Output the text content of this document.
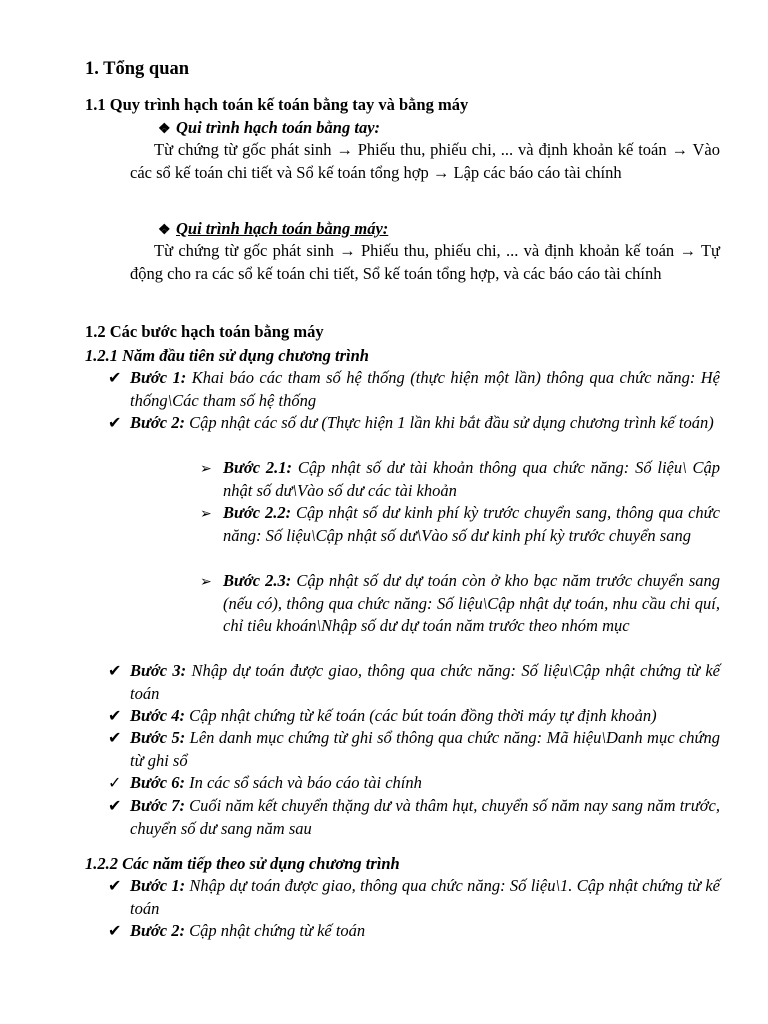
1. Tổng quan
1.1 Quy trình hạch toán kế toán bằng tay và bằng máy
❖ Qui trình hạch toán bằng tay:
Từ chứng từ gốc phát sinh → Phiếu thu, phiếu chi, ... và định khoản kế toán → Vào các sổ kế toán chi tiết và Sổ kế toán tổng hợp → Lập các báo cáo tài chính
❖ Qui trình hạch toán bằng máy:
Từ chứng từ gốc phát sinh → Phiếu thu, phiếu chi, ... và định khoản kế toán → Tự động cho ra các sổ kế toán chi tiết, Sổ kế toán tổng hợp, và các báo cáo tài chính
1.2 Các bước hạch toán bằng máy
1.2.1 Năm đầu tiên sử dụng chương trình
✔ Bước 1: Khai báo các tham số hệ thống (thực hiện một lần) thông qua chức năng: Hệ thống\Các tham số hệ thống
✔ Bước 2: Cập nhật các số dư (Thực hiện 1 lần khi bắt đầu sử dụng chương trình kế toán)
➢ Bước 2.1: Cập nhật số dư tài khoản thông qua chức năng: Số liệu\ Cập nhật số dư\Vào số dư các tài khoản
➢ Bước 2.2: Cập nhật số dư kinh phí kỳ trước chuyển sang, thông qua chức năng: Số liệu\Cập nhật số dư\Vào số dư kinh phí kỳ trước chuyển sang
➢ Bước 2.3: Cập nhật số dư dự toán còn ở kho bạc năm trước chuyển sang (nếu có), thông qua chức năng: Số liệu\Cập nhật dự toán, nhu cầu chi quí, chỉ tiêu khoán\Nhập số dư dự toán năm trước theo nhóm mục
✔ Bước 3: Nhập dự toán được giao, thông qua chức năng: Số liệu\Cập nhật chứng từ kế toán
✔ Bước 4: Cập nhật chứng từ kế toán (các bút toán đồng thời máy tự định khoản)
✔ Bước 5: Lên danh mục chứng từ ghi sổ thông qua chức năng: Mã hiệu\Danh mục chứng từ ghi sổ
✓ Bước 6: In các sổ sách và báo cáo tài chính
✔ Bước 7: Cuối năm kết chuyển thặng dư và thâm hụt, chuyển số năm nay sang năm trước, chuyển số dư sang năm sau
1.2.2 Các năm tiếp theo sử dụng chương trình
✔ Bước 1: Nhập dự toán được giao, thông qua chức năng: Số liệu\1. Cập nhật chứng từ kế toán
✔ Bước 2: Cập nhật chứng từ kế toán
